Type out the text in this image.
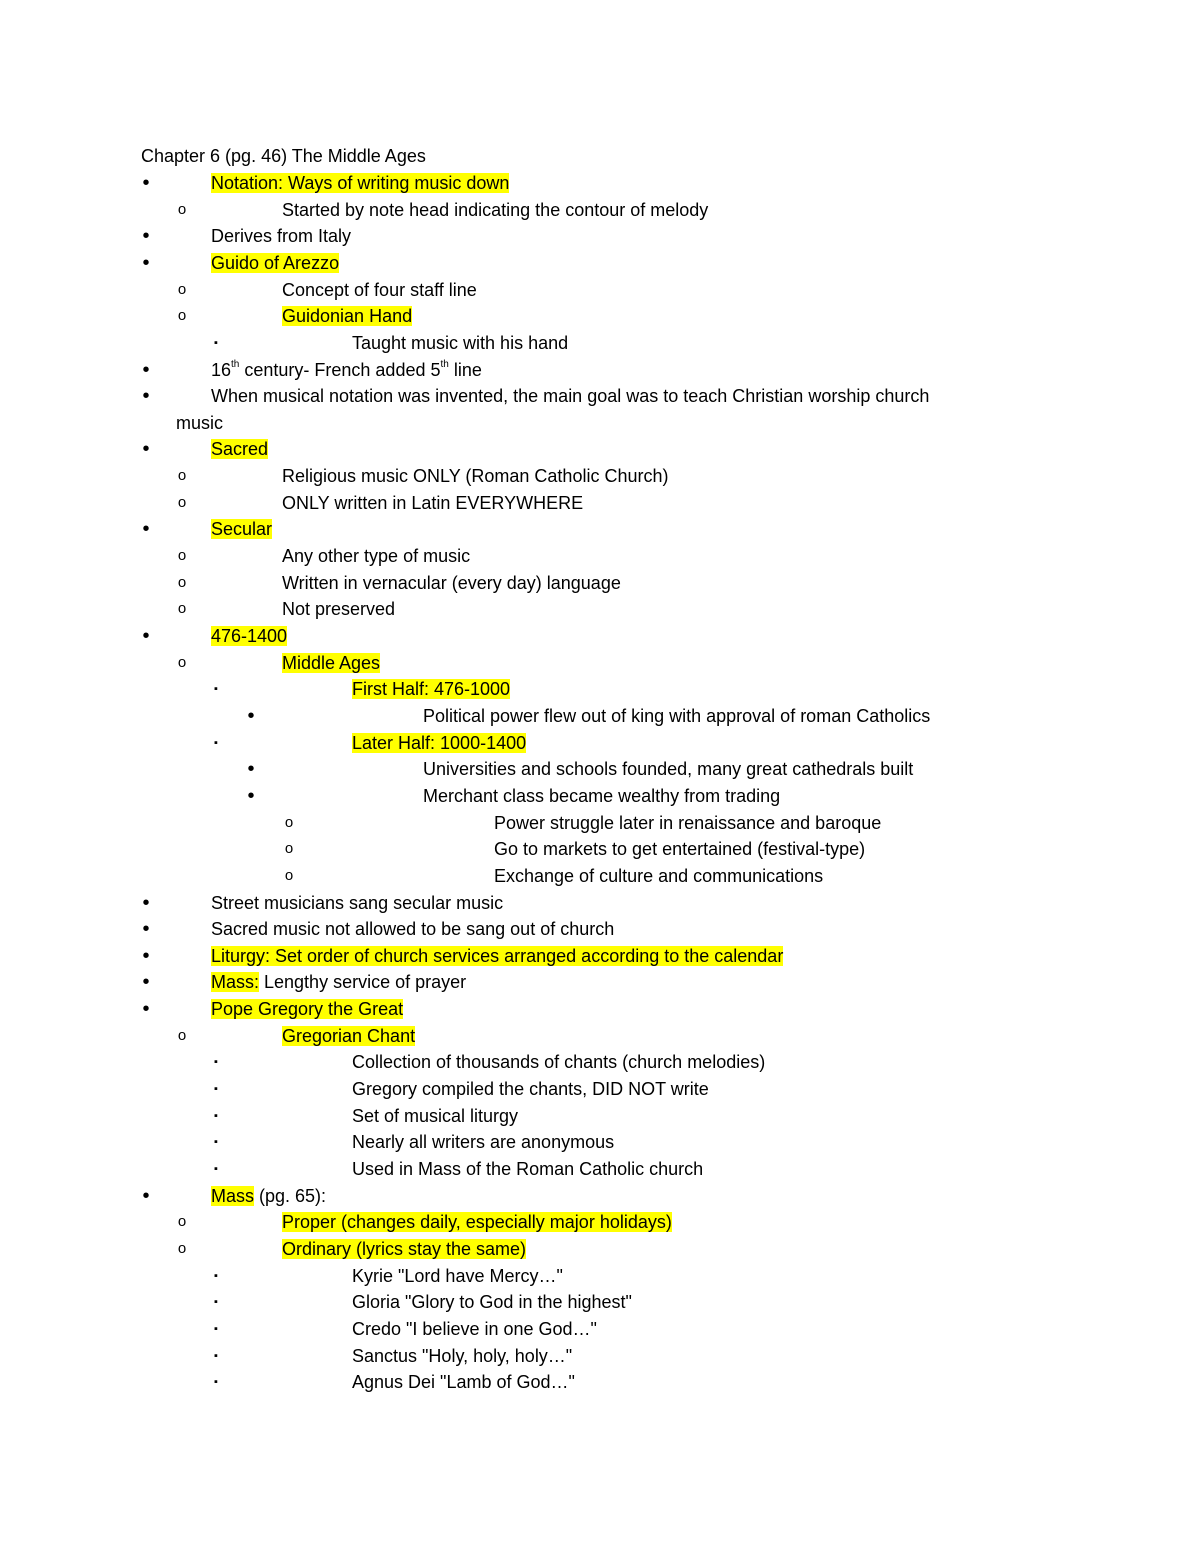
Chapter 6 (pg. 46) The Middle Ages
•	Notation: Ways of writing music down
o	Started by note head indicating the contour of melody
•	Derives from Italy
•	Guido of Arezzo
o	Concept of four staff line
o	Guidonian Hand
▪	Taught music with his hand
•	16th century- French added 5th line
•	When musical notation was invented, the main goal was to teach Christian worship church
music
•	Sacred
o	Religious music ONLY (Roman Catholic Church)
o	ONLY written in Latin EVERYWHERE
•	Secular
o	Any other type of music
o	Written in vernacular (every day) language
o	Not preserved
•	476-1400
o	Middle Ages
▪	First Half: 476-1000
•	Political power flew out of king with approval of roman Catholics
▪	Later Half: 1000-1400
•	Universities and schools founded, many great cathedrals built
•	Merchant class became wealthy from trading
o	Power struggle later in renaissance and baroque
o	Go to markets to get entertained (festival-type)
o	Exchange of culture and communications
•	Street musicians sang secular music
•	Sacred music not allowed to be sang out of church
•	Liturgy: Set order of church services arranged according to the calendar
•	Mass: Lengthy service of prayer
•	Pope Gregory the Great
o	Gregorian Chant
▪	Collection of thousands of chants (church melodies)
▪	Gregory compiled the chants, DID NOT write
▪	Set of musical liturgy
▪	Nearly all writers are anonymous
▪	Used in Mass of the Roman Catholic church
•	Mass (pg. 65):
o	Proper (changes daily, especially major holidays)
o	Ordinary (lyrics stay the same)
▪	Kyrie "Lord have Mercy…"
▪	Gloria "Glory to God in the highest"
▪	Credo "I believe in one God…"
▪	Sanctus "Holy, holy, holy…"
▪	Agnus Dei "Lamb of God…"
